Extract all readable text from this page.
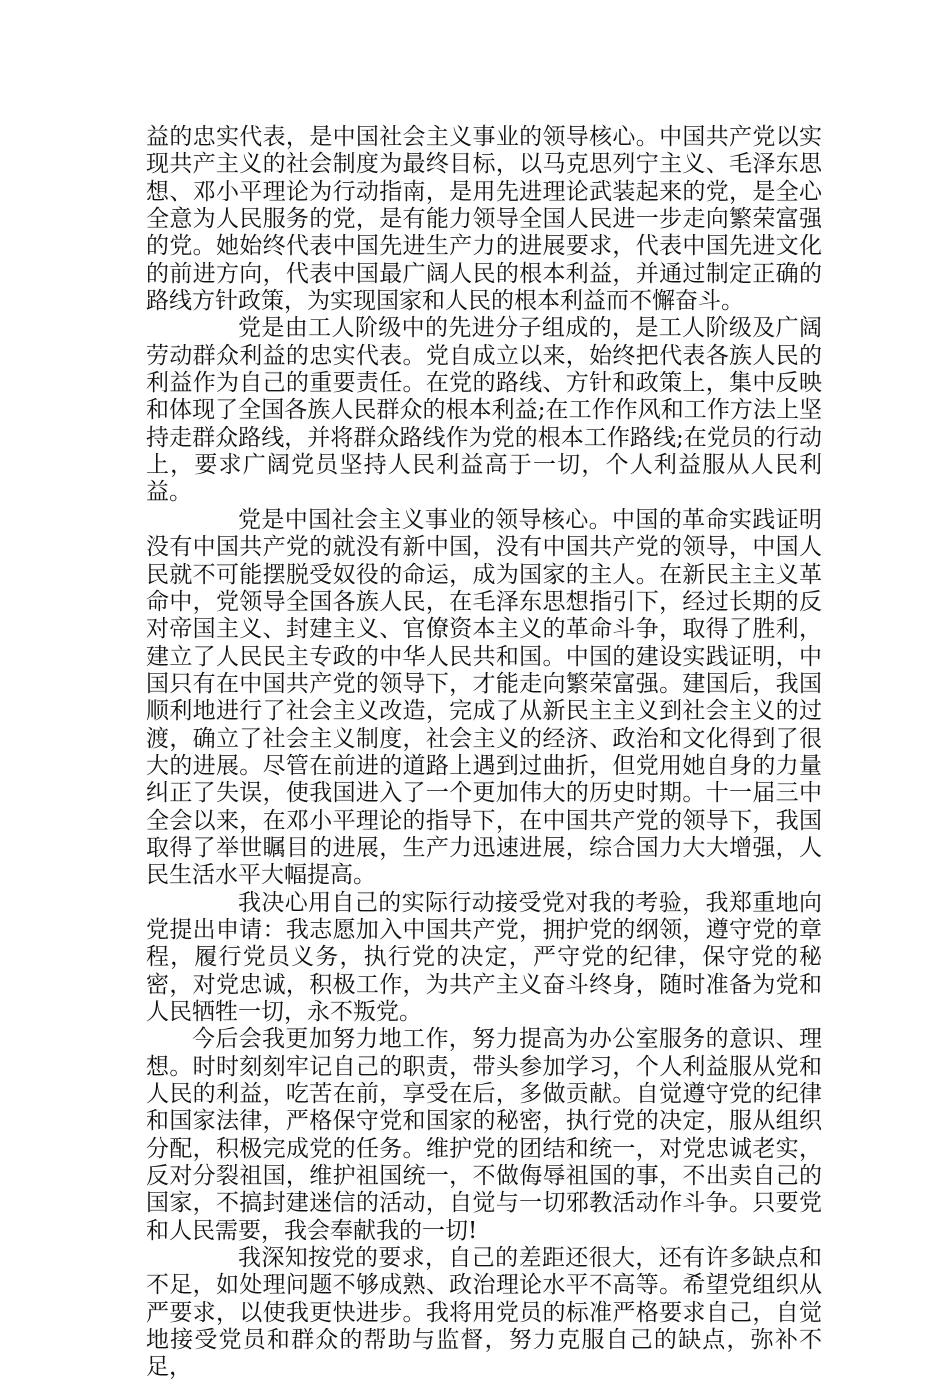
益的忠实代表，是中国社会主义事业的领导核心。中国共产党以实现共产主义的社会制度为最终目标，以马克思列宁主义、毛泽东思想、邓小平理论为行动指南，是用先进理论武装起来的党，是全心全意为人民服务的党，是有能力领导全国人民进一步走向繁荣富强的党。她始终代表中国先进生产力的进展要求，代表中国先进文化的前进方向，代表中国最广阔人民的根本利益，并通过制定正确的路线方针政策，为实现国家和人民的根本利益而不懈奋斗。

党是由工人阶级中的先进分子组成的，是工人阶级及广阔劳动群众利益的忠实代表。党自成立以来，始终把代表各族人民的利益作为自己的重要责任。在党的路线、方针和政策上，集中反映和体现了全国各族人民群众的根本利益;在工作作风和工作方法上坚持走群众路线，并将群众路线作为党的根本工作路线;在党员的行动上，要求广阔党员坚持人民利益高于一切，个人利益服从人民利益。

党是中国社会主义事业的领导核心。中国的革命实践证明没有中国共产党的就没有新中国，没有中国共产党的领导，中国人民就不可能摆脱受奴役的命运，成为国家的主人。在新民主主义革命中，党领导全国各族人民，在毛泽东思想指引下，经过长期的反对帝国主义、封建主义、官僚资本主义的革命斗争，取得了胜利，建立了人民民主专政的中华人民共和国。中国的建设实践证明，中国只有在中国共产党的领导下，才能走向繁荣富强。建国后，我国顺利地进行了社会主义改造，完成了从新民主主义到社会主义的过渡，确立了社会主义制度，社会主义的经济、政治和文化得到了很大的进展。尽管在前进的道路上遇到过曲折，但党用她自身的力量纠正了失误，使我国进入了一个更加伟大的历史时期。十一届三中全会以来，在邓小平理论的指导下，在中国共产党的领导下，我国取得了举世瞩目的进展，生产力迅速进展，综合国力大大增强，人民生活水平大幅提高。

我决心用自己的实际行动接受党对我的考验，我郑重地向党提出申请：我志愿加入中国共产党，拥护党的纲领，遵守党的章程，履行党员义务，执行党的决定，严守党的纪律，保守党的秘密，对党忠诚，积极工作，为共产主义奋斗终身，随时准备为党和人民牺牲一切，永不叛党。

今后会我更加努力地工作，努力提高为办公室服务的意识、理想。时时刻刻牢记自己的职责，带头参加学习，个人利益服从党和人民的利益，吃苦在前，享受在后，多做贡献。自觉遵守党的纪律和国家法律，严格保守党和国家的秘密，执行党的决定，服从组织分配，积极完成党的任务。维护党的团结和统一，对党忠诚老实，反对分裂祖国，维护祖国统一，不做侮辱祖国的事，不出卖自己的国家，不搞封建迷信的活动，自觉与一切邪教活动作斗争。只要党和人民需要，我会奉献我的一切!

我深知按党的要求，自己的差距还很大，还有许多缺点和不足，如处理问题不够成熟、政治理论水平不高等。希望党组织从严要求，以使我更快进步。我将用党员的标准严格要求自己，自觉地接受党员和群众的帮助与监督，努力克服自己的缺点，弥补不足，
